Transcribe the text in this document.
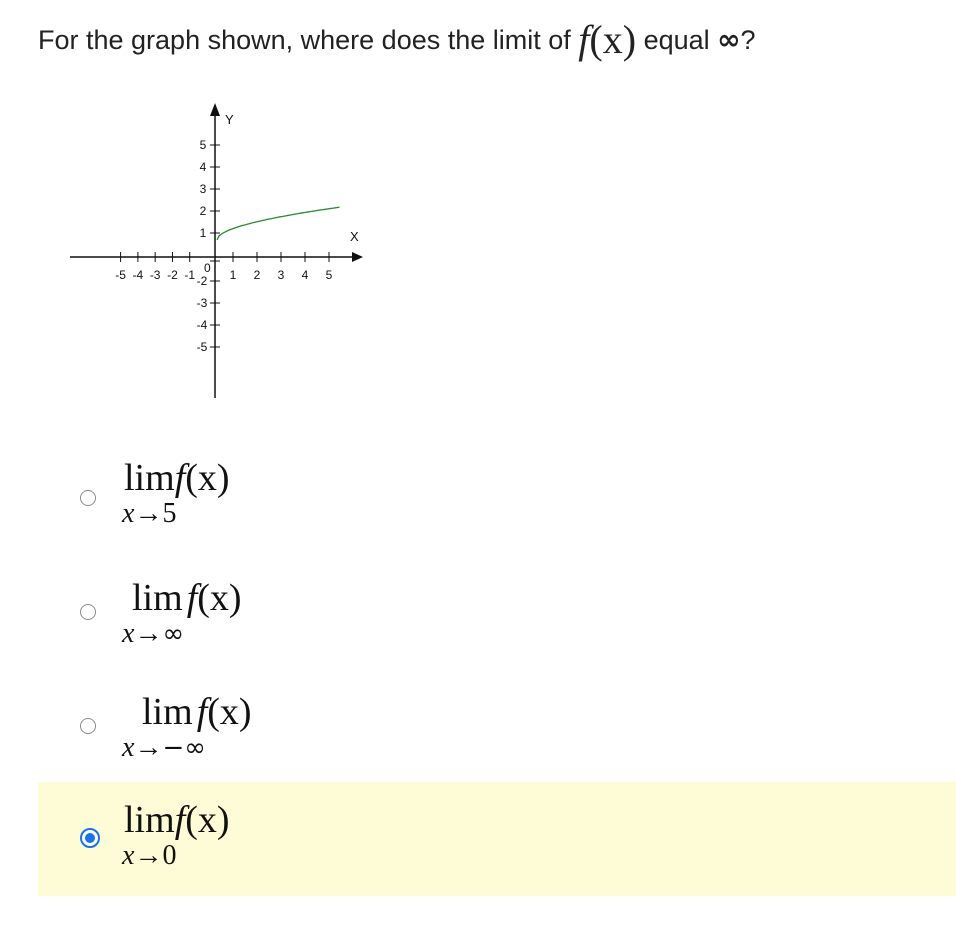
For the graph shown, where does the limit of f(x) equal ∞?
-5 -4 -3 -2 -1	1 2 3 4 5
5
4
3
2
1
-2
-3
-4
-5
Y
X
0
limf(x)
x→5
lim f(x)
x→∞
lim f(x)
x→−∞
limf(x)
x→0
